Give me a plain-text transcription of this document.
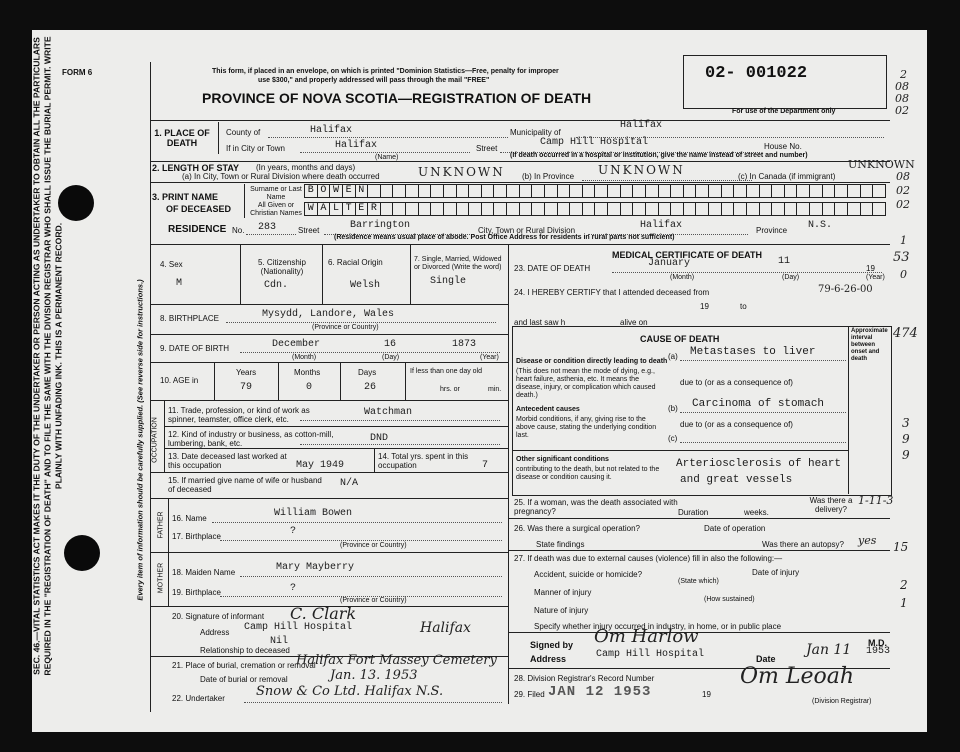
SEC. 46.—VITAL STATISTICS ACT MAKES IT THE DUTY OF THE UNDERTAKER OR PERSON ACTING AS UNDERTAKER TO OBTAIN ALL THE PARTICULARS REQUIRED IN THE "REGISTRATION OF DEATH" AND TO FILE THE SAME WITH THE DIVISION REGISTRAR WHO SHALL ISSUE THE BURIAL PERMIT. WRITE PLAINLY WITH UNFADING INK. THIS IS A PERMANENT RECORD.	Every item of information should be carefully supplied. (See reverse side for instructions.)
FORM 6	This form, if placed in an envelope, on which is printed "Dominion Statistics—Free, penalty for improper
use $300," and properly addressed will pass through the mail "FREE"
PROVINCE OF NOVA SCOTIA—REGISTRATION OF DEATH
02- 001022
For use of the Department only
2
08
08
02
08
02
02
53
1
0
474
3
9
9
1-11-3
15
2
1
1. PLACE OF DEATH
County of	Halifax	Municipality of
Halifax
If in City or Town	Halifax
(Name)
Street
Camp Hill Hospital	House No.
(If death occurred in a hospital or institution, give the name instead of street and number)
2. LENGTH OF STAY (In years, months and days)
(a) In City, Town or Rural Division where death occurred	UNKNOWN (b) In Province UNKNOWN	(c) In Canada (if immigrant)
UNKNOWN
3. PRINT NAME
OF DECEASED
Surname or Last Name
All Given or Christian Names
B O W E N
W A L T E R
RESIDENCE No. 283	Street	Barrington	City, Town or Rural Division	Halifax	Province N.S.
(Residence means usual place of abode. Post Office Address for residents in rural parts not sufficient)
4. Sex
M
5. Citizenship (Nationality)
Cdn.
6. Racial Origin
Welsh
7. Single, Married, Widowed or Divorced (Write the word)
Single
8. BIRTHPLACE	Mysydd, Landore, Wales
(Province or Country)
9. DATE OF BIRTH	December	16	1873
(Month)	(Day)	(Year)
10. AGE in
Years	Months	Days
79	0	26
If less than one day old
hrs. or	min.
OCCUPATION
11. Trade, profession, or kind of work as spinner, teamster, office clerk, etc.
Watchman
12. Kind of industry or business, as cotton-mill, lumbering, bank, etc.	DND
13. Date deceased last worked at this occupation	May 1949
14. Total yrs. spent in this occupation	7
15. If married give name of wife or husband of deceased
N/A
FATHER 16. Name	William Bowen
17. Birthplace	?
(Province or Country)
MOTHER 18. Maiden Name	Mary Mayberry
19. Birthplace	?
(Province or Country)
20. Signature of informant C. Clark
Address Camp Hill Hospital	Halifax
Nil
Relationship to deceased
21. Place of burial, cremation or removal
Halifax Fort Massey Cemetery
Date of burial or removal	Jan. 13. 1953
22. Undertaker Snow & Co Ltd. Halifax N.S.
MEDICAL CERTIFICATE OF DEATH
23. DATE OF DEATH	January	11
19
(Month)	(Day)	(Year)
24. I HEREBY CERTIFY that I attended deceased from	79-6-26-00
19	to
and last saw h	alive on
CAUSE OF DEATH
Approximate interval between onset and death
Disease or condition directly leading to death
(This does not mean the mode of dying, e.g., heart failure, asthenia, etc. It means the disease, injury, or complication which caused death.)
(a) Metastases to liver
due to (or as a consequence of)
Antecedent causes
Morbid conditions, if any, giving rise to the above cause, stating the underlying condition last.
(b) Carcinoma of stomach
due to (or as a consequence of)
(c)
Other significant conditions
contributing to the death, but not related to the disease or condition causing it.
Arteriosclerosis of heart
and great vessels
25. If a woman, was the death associated with pregnancy?	Duration	weeks.
Was there a delivery?
26. Was there a surgical operation?	Date of operation
State findings	Was there an autopsy? yes
27. If death was due to external causes (violence) fill in also the following:—
Accident, suicide or homicide?
(State which)
Date of injury
Manner of injury
(How sustained)
Nature of injury
Specify whether injury occurred in industry, in home, or in public place
Signed by Om Harlow	M.D.
Address	Camp Hill Hospital	Date
Jan 11 1953
28. Division Registrar's Record Number
29. Filed JAN 12 1953	19
Om Leoah
(Division Registrar)
